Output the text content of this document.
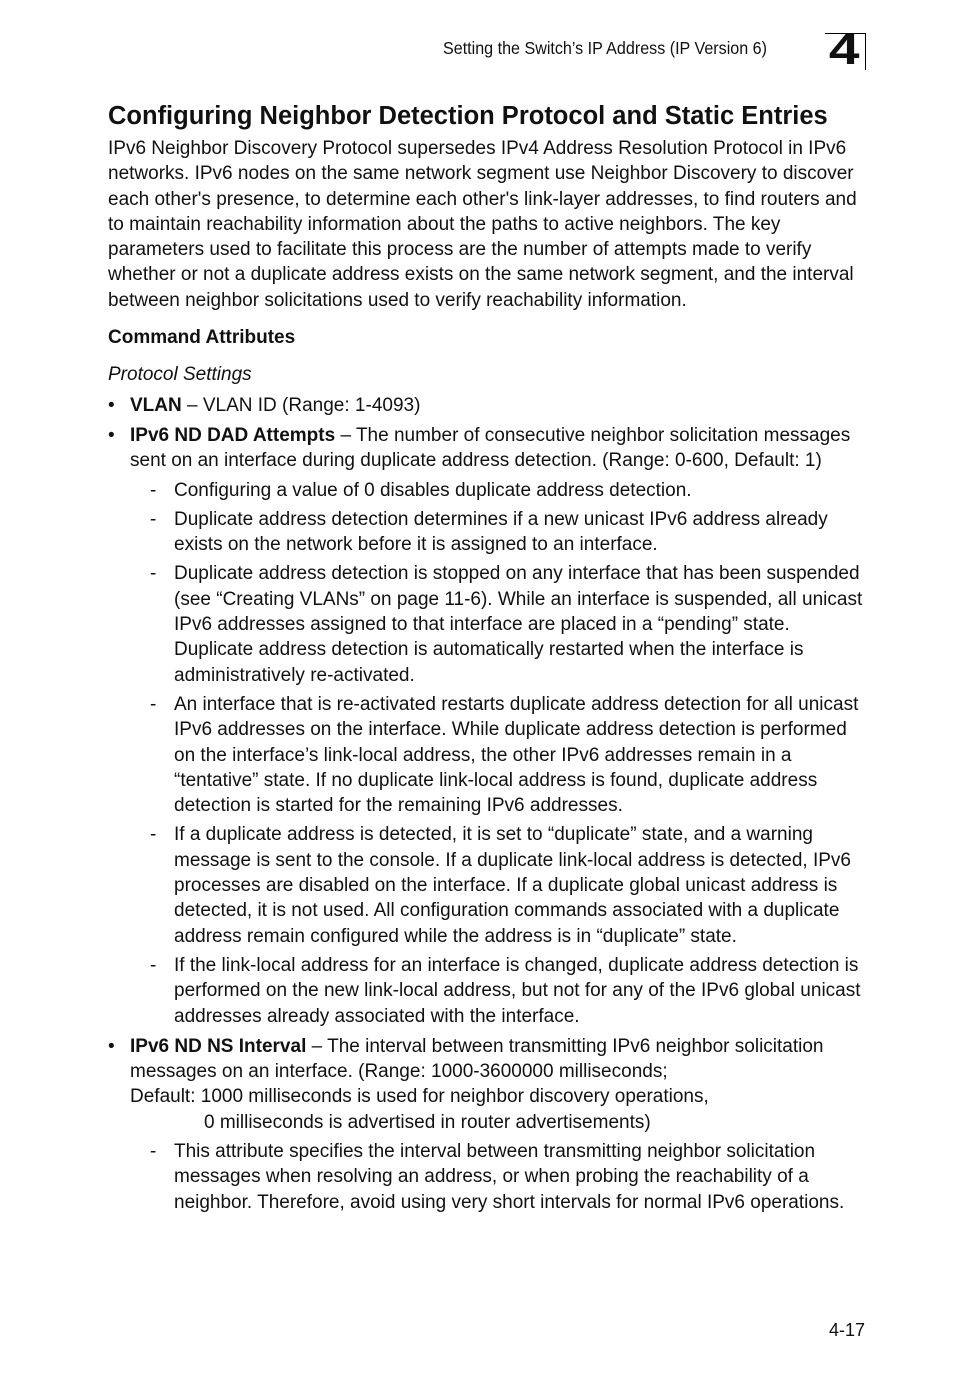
Setting the Switch’s IP Address (IP Version 6) 4
Configuring Neighbor Detection Protocol and Static Entries

IPv6 Neighbor Discovery Protocol supersedes IPv4 Address Resolution Protocol in IPv6 networks. IPv6 nodes on the same network segment use Neighbor Discovery to discover each other's presence, to determine each other's link-layer addresses, to find routers and to maintain reachability information about the paths to active neighbors. The key parameters used to facilitate this process are the number of attempts made to verify whether or not a duplicate address exists on the same network segment, and the interval between neighbor solicitations used to verify reachability information.

Command Attributes

Protocol Settings

• VLAN – VLAN ID (Range: 1-4093)
• IPv6 ND DAD Attempts – The number of consecutive neighbor solicitation messages sent on an interface during duplicate address detection. (Range: 0-600, Default: 1)
- Configuring a value of 0 disables duplicate address detection.
- Duplicate address detection determines if a new unicast IPv6 address already exists on the network before it is assigned to an interface.
- Duplicate address detection is stopped on any interface that has been suspended (see “Creating VLANs” on page 11-6). While an interface is suspended, all unicast IPv6 addresses assigned to that interface are placed in a “pending” state. Duplicate address detection is automatically restarted when the interface is administratively re-activated.
- An interface that is re-activated restarts duplicate address detection for all unicast IPv6 addresses on the interface. While duplicate address detection is performed on the interface’s link-local address, the other IPv6 addresses remain in a “tentative” state. If no duplicate link-local address is found, duplicate address detection is started for the remaining IPv6 addresses.
- If a duplicate address is detected, it is set to “duplicate” state, and a warning message is sent to the console. If a duplicate link-local address is detected, IPv6 processes are disabled on the interface. If a duplicate global unicast address is detected, it is not used. All configuration commands associated with a duplicate address remain configured while the address is in “duplicate” state.
- If the link-local address for an interface is changed, duplicate address detection is performed on the new link-local address, but not for any of the IPv6 global unicast addresses already associated with the interface.
• IPv6 ND NS Interval – The interval between transmitting IPv6 neighbor solicitation messages on an interface. (Range: 1000-3600000 milliseconds;
Default: 1000 milliseconds is used for neighbor discovery operations,
0 milliseconds is advertised in router advertisements)
- This attribute specifies the interval between transmitting neighbor solicitation messages when resolving an address, or when probing the reachability of a neighbor. Therefore, avoid using very short intervals for normal IPv6 operations.
4-17
